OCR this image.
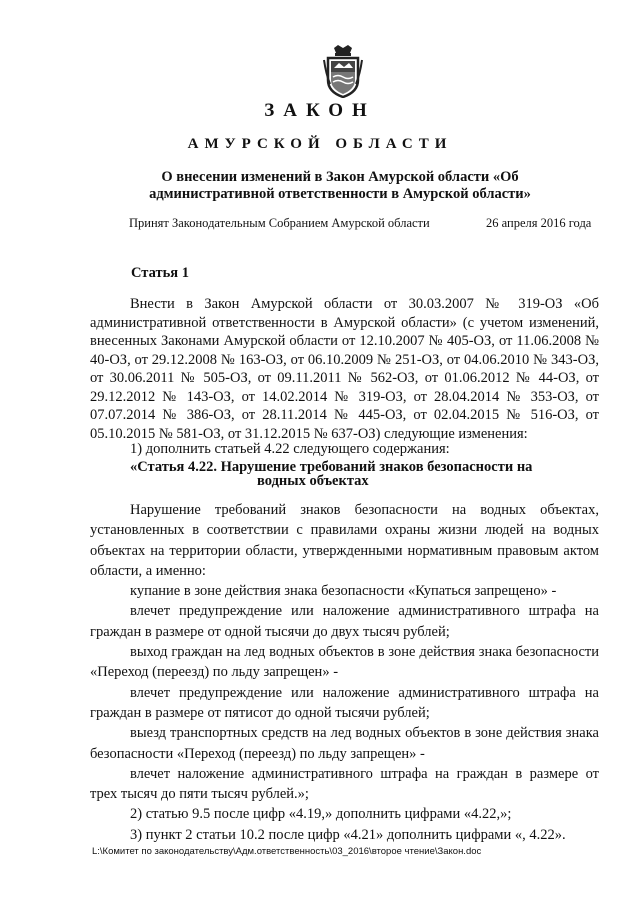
ЗАКОН
АМУРСКОЙ ОБЛАСТИ
О внесении изменений в Закон Амурской области «Об
административной ответственности в Амурской области»
Принят Законодательным Собранием Амурской области	26 апреля 2016 года
Статья 1

Внести в Закон Амурской области от 30.03.2007 № 319-ОЗ «Об административной ответственности в Амурской области» (с учетом изменений, внесенных Законами Амурской области от 12.10.2007 № 405-ОЗ, от 11.06.2008 № 40-ОЗ, от 29.12.2008 № 163-ОЗ, от 06.10.2009 № 251-ОЗ, от 04.06.2010 № 343-ОЗ, от 30.06.2011 № 505-ОЗ, от 09.11.2011 № 562-ОЗ, от 01.06.2012 № 44-ОЗ, от 29.12.2012 № 143-ОЗ, от 14.02.2014 № 319-ОЗ, от 28.04.2014 № 353-ОЗ, от 07.07.2014 № 386-ОЗ, от 28.11.2014 № 445-ОЗ, от 02.04.2015 № 516-ОЗ, от 05.10.2015 № 581-ОЗ, от 31.12.2015 № 637-ОЗ) следующие изменения:

1) дополнить статьей 4.22 следующего содержания:
«Статья 4.22. Нарушение требований знаков безопасности на
водных объектах

Нарушение требований знаков безопасности на водных объектах, установленных в соответствии с правилами охраны жизни людей на водных объектах на территории области, утвержденными нормативным правовым актом области, а именно:

купание в зоне действия знака безопасности «Купаться запрещено» -

влечет предупреждение или наложение административного штрафа на граждан в размере от одной тысячи до двух тысяч рублей;

выход граждан на лед водных объектов в зоне действия знака безопасности «Переход (переезд) по льду запрещен» -

влечет предупреждение или наложение административного штрафа на граждан в размере от пятисот до одной тысячи рублей;

выезд транспортных средств на лед водных объектов в зоне действия знака безопасности «Переход (переезд) по льду запрещен» -

влечет наложение административного штрафа на граждан в размере от трех тысяч до пяти тысяч рублей.»;

2) статью 9.5 после цифр «4.19,» дополнить цифрами «4.22,»;

3) пункт 2 статьи 10.2 после цифр «4.21» дополнить цифрами «, 4.22».

L:\Комитет по законодательству\Адм.ответственность\03_2016\второе чтение\Закон.doc
